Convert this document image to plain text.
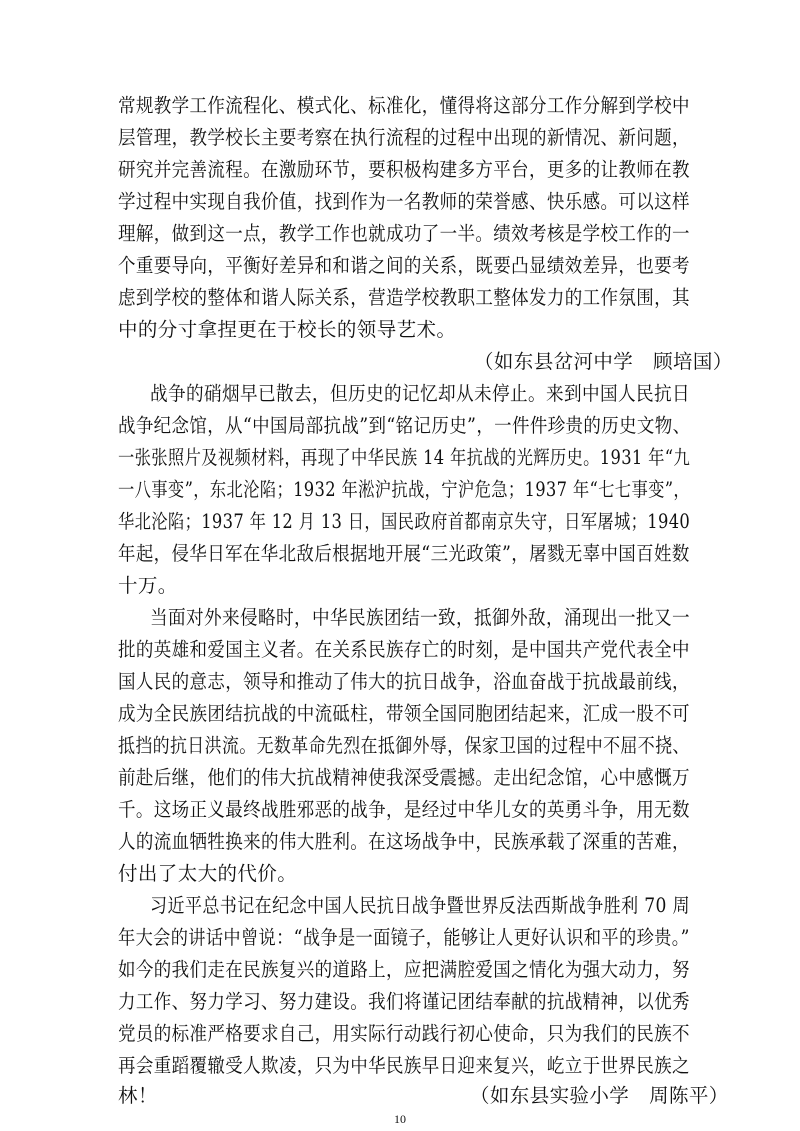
常规教学工作流程化、模式化、标准化，懂得将这部分工作分解到学校中
层管理，教学校长主要考察在执行流程的过程中出现的新情况、新问题，
研究并完善流程。在激励环节，要积极构建多方平台，更多的让教师在教
学过程中实现自我价值，找到作为一名教师的荣誉感、快乐感。可以这样
理解，做到这一点，教学工作也就成功了一半。绩效考核是学校工作的一
个重要导向，平衡好差异和和谐之间的关系，既要凸显绩效差异，也要考
虑到学校的整体和谐人际关系，营造学校教职工整体发力的工作氛围，其
中的分寸拿捏更在于校长的领导艺术。
（如东县岔河中学　顾培国）
战争的硝烟早已散去，但历史的记忆却从未停止。来到中国人民抗日
战争纪念馆，从“中国局部抗战”到“铭记历史”，一件件珍贵的历史文物、
一张张照片及视频材料，再现了中华民族 14 年抗战的光辉历史。1931 年“九
一八事变”，东北沦陷；1932 年淞沪抗战，宁沪危急；1937 年“七七事变”，
华北沦陷；1937 年 12 月 13 日，国民政府首都南京失守，日军屠城；1940
年起，侵华日军在华北敌后根据地开展“三光政策”，屠戮无辜中国百姓数
十万。
当面对外来侵略时，中华民族团结一致，抵御外敌，涌现出一批又一
批的英雄和爱国主义者。在关系民族存亡的时刻，是中国共产党代表全中
国人民的意志，领导和推动了伟大的抗日战争，浴血奋战于抗战最前线，
成为全民族团结抗战的中流砥柱，带领全国同胞团结起来，汇成一股不可
抵挡的抗日洪流。无数革命先烈在抵御外辱，保家卫国的过程中不屈不挠、
前赴后继，他们的伟大抗战精神使我深受震撼。走出纪念馆，心中感慨万
千。这场正义最终战胜邪恶的战争，是经过中华儿女的英勇斗争，用无数
人的流血牺牲换来的伟大胜利。在这场战争中，民族承载了深重的苦难，
付出了太大的代价。
习近平总书记在纪念中国人民抗日战争暨世界反法西斯战争胜利 70 周
年大会的讲话中曾说：“战争是一面镜子，能够让人更好认识和平的珍贵。”
如今的我们走在民族复兴的道路上，应把满腔爱国之情化为强大动力，努
力工作、努力学习、努力建设。我们将谨记团结奉献的抗战精神，以优秀
党员的标准严格要求自己，用实际行动践行初心使命，只为我们的民族不
再会重蹈覆辙受人欺凌，只为中华民族早日迎来复兴，屹立于世界民族之
林！	（如东县实验小学　周陈平）
10
